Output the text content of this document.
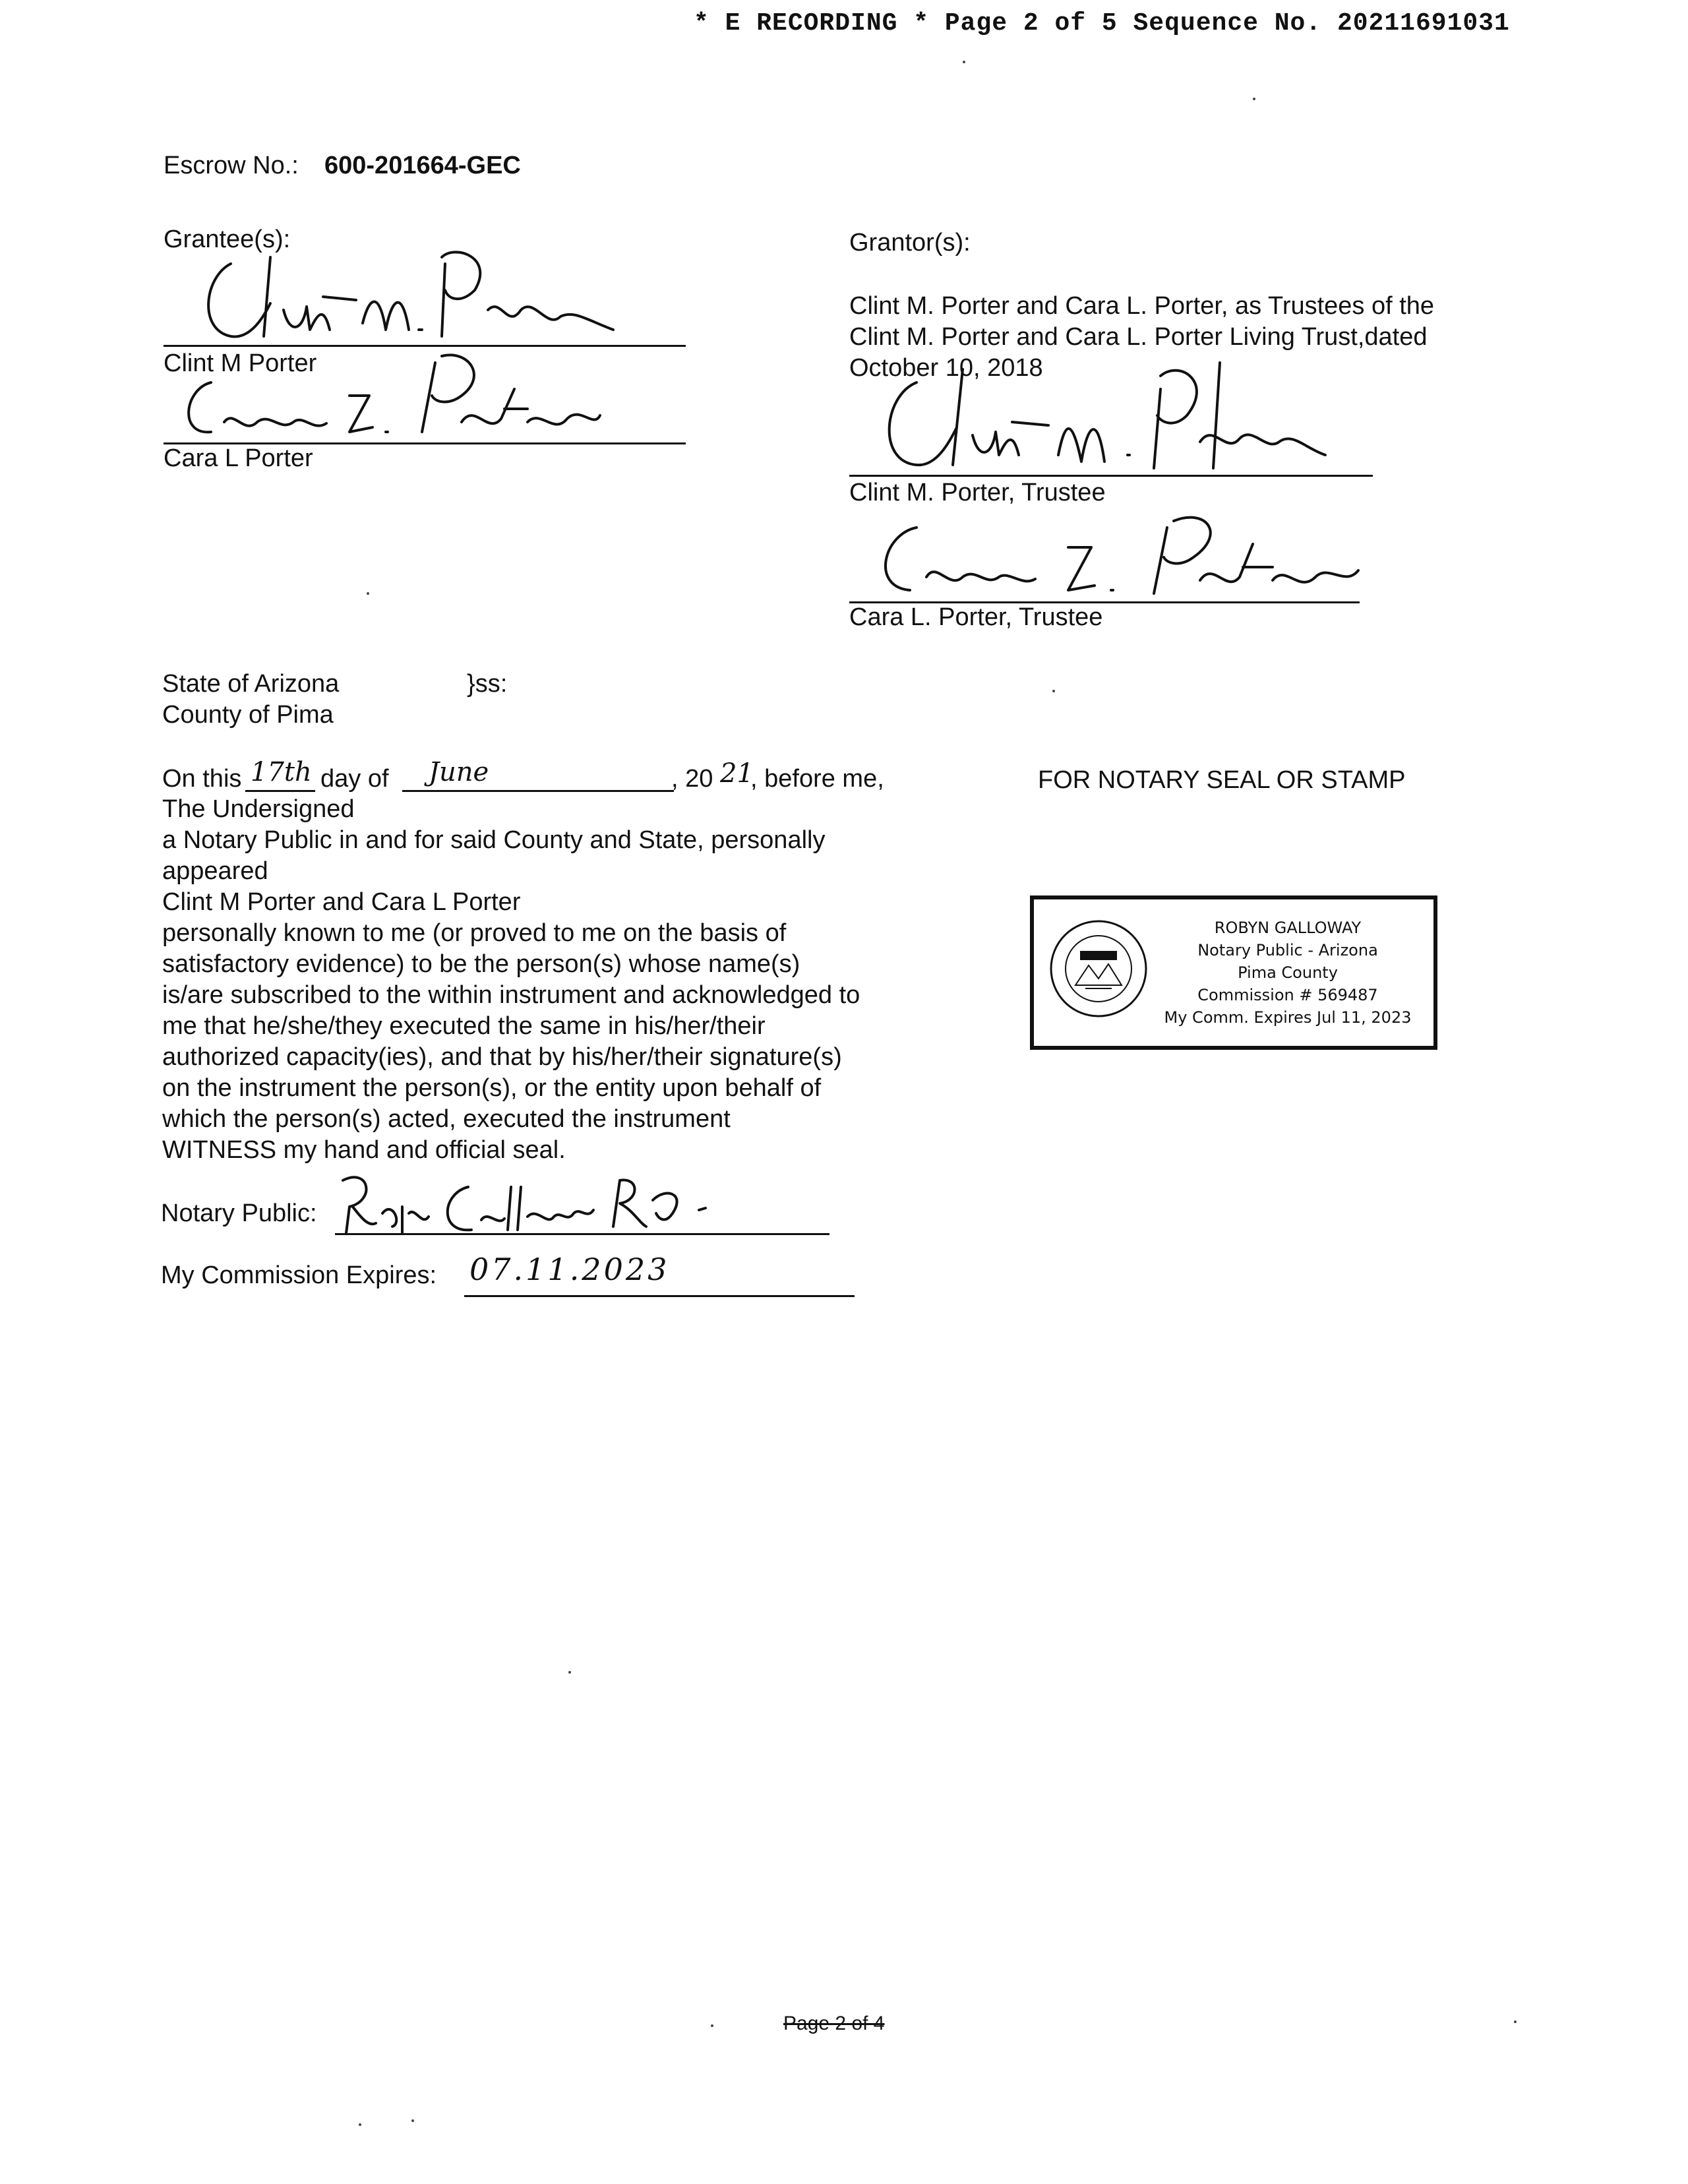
* E RECORDING * Page 2 of 5 Sequence No. 20211691031
Escrow No.: 600-201664-GEC
Grantee(s):
Clint M Porter
Cara L Porter
Grantor(s):
Clint M. Porter and Cara L. Porter, as Trustees of the
Clint M. Porter and Cara L. Porter Living Trust,dated
October 10, 2018
Clint M. Porter, Trustee
Cara L. Porter, Trustee
State of Arizona	}ss:
County of Pima
On this 17th day of June	, 20 21
, before me,
The Undersigned
a Notary Public in and for said County and State, personally
appeared
Clint M Porter and Cara L Porter
personally known to me (or proved to me on the basis of
satisfactory evidence) to be the person(s) whose name(s)
is/are subscribed to the within instrument and acknowledged to
me that he/she/they executed the same in his/her/their
authorized capacity(ies), and that by his/her/their signature(s)
on the instrument the person(s), or the entity upon behalf of
which the person(s) acted, executed the instrument
WITNESS my hand and official seal.
Notary Public:
My Commission Expires: 07.11.2023
FOR NOTARY SEAL OR STAMP
ROBYN GALLOWAY
Notary Public - Arizona
Pima County
Commission # 569487
My Comm. Expires Jul 11, 2023
Page 2 of 4
